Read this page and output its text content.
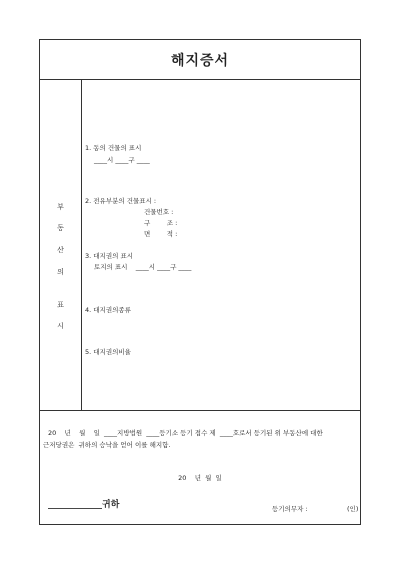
해지증서
부
동
산
의
표
시
1. 동의 건물의 표시
____시 ____구 ____
2. 전유부분의 건물표시 :
건물번호 :
구        조 :
면        적 :
3. 대지권의 표시
토지의 표시    ____시 ____구 ____
4. 대지권의종류
5. 대지권의비율
20    년    월    일  ____지방법원  ____등기소 등기 접수 제  ____호로서 등기된 위 부동산에 대한
근저당권은  귀하의 승낙을 얻어 이를 해지함.
20    년  월  일
등기의무자 :	(인)
____________귀하
